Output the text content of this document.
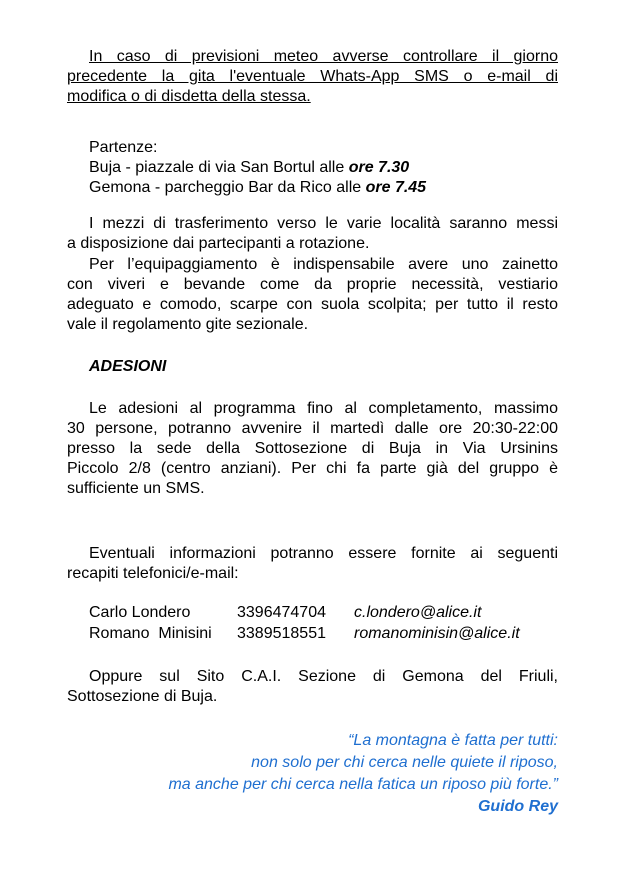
In caso di previsioni meteo avverse controllare il giorno
precedente la gita l'eventuale Whats-App SMS o e-mail di
modifica o di disdetta della stessa.
Partenze:
Buja - piazzale di via San Bortul alle ore 7.30
Gemona - parcheggio Bar da Rico alle ore 7.45
I mezzi di trasferimento verso le varie località saranno messi
a disposizione dai partecipanti a rotazione.
Per l’equipaggiamento è indispensabile avere uno zainetto
con viveri e bevande come da proprie necessità, vestiario
adeguato e comodo, scarpe con suola scolpita; per tutto il resto
vale il regolamento gite sezionale.
ADESIONI
Le adesioni al programma fino al completamento, massimo
30 persone, potranno avvenire il martedì dalle ore 20:30-22:00
presso la sede della Sottosezione di Buja in Via Ursinins
Piccolo 2/8 (centro anziani). Per chi fa parte già del gruppo è
sufficiente un SMS.
Eventuali informazioni potranno essere fornite ai seguenti
recapiti telefonici/e-mail:
Carlo Londero	3396474704 c.londero@alice.it
Romano  Minisini 3389518551 romanominisin@alice.it
Oppure sul Sito C.A.I. Sezione di Gemona del Friuli,
Sottosezione di Buja.
“La montagna è fatta per tutti:
non solo per chi cerca nelle quiete il riposo,
ma anche per chi cerca nella fatica un riposo più forte.”
Guido Rey
